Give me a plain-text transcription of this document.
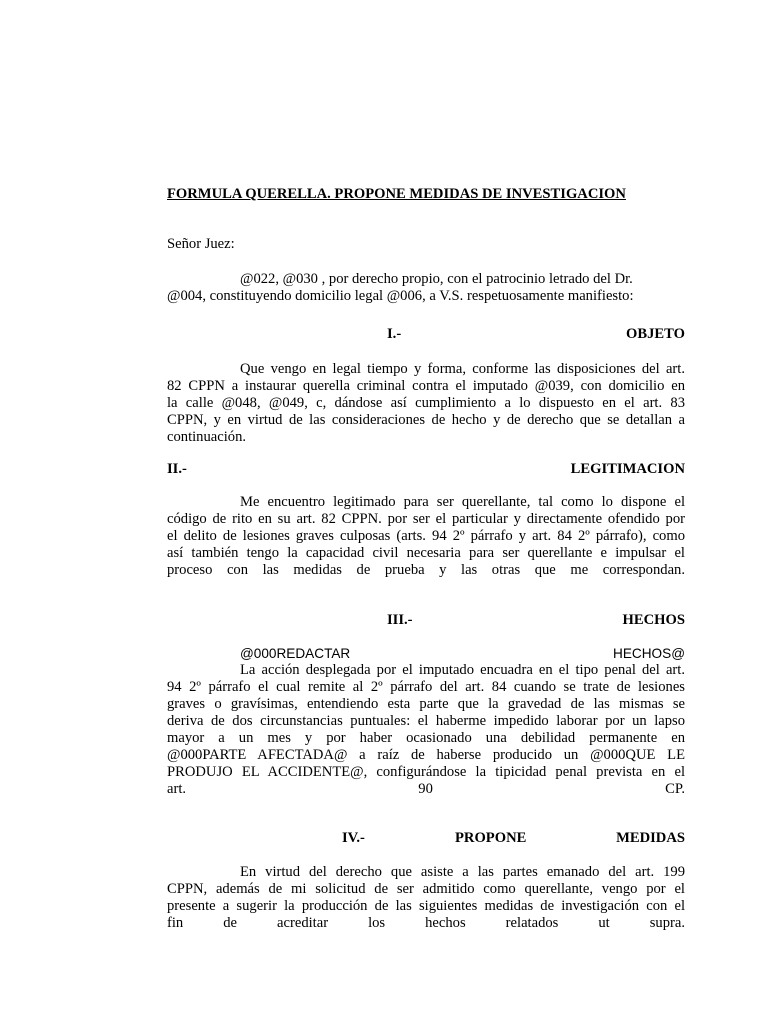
FORMULA QUERELLA. PROPONE MEDIDAS DE INVESTIGACION
Señor Juez:
@022, @030 , por derecho propio, con el patrocinio letrado del Dr.
@004, constituyendo domicilio legal @006, a V.S. respetuosamente manifiesto:
I.-	OBJETO
Que vengo en legal tiempo y forma, conforme las disposiciones del art.
82 CPPN a instaurar querella criminal contra el imputado @039, con domicilio en
la calle @048, @049, c, dándose así cumplimiento a lo dispuesto en el art. 83
CPPN, y en virtud de las consideraciones de hecho y de derecho que se detallan a
continuación.
II.-	LEGITIMACION
Me encuentro legitimado para ser querellante, tal como lo dispone el
código de rito en su art. 82 CPPN. por ser el particular y directamente ofendido por
el delito de lesiones graves culposas (arts. 94 2º párrafo y art. 84 2º párrafo), como
así también tengo la capacidad civil necesaria para ser querellante e impulsar el
proceso con las medidas de prueba y las otras que me correspondan.
III.-	HECHOS
@000REDACTAR	HECHOS@
La acción desplegada por el imputado encuadra en el tipo penal del art.
94 2º párrafo el cual remite al 2º párrafo del art. 84 cuando se trate de lesiones
graves o gravísimas, entendiendo esta parte que la gravedad de las mismas se
deriva de dos circunstancias puntuales: el haberme impedido laborar por un lapso
mayor a un mes y por haber ocasionado una debilidad permanente en
@000PARTE AFECTADA@ a raíz de haberse producido un @000QUE LE
PRODUJO EL ACCIDENTE@, configurándose la tipicidad penal prevista en el
art. 90 CP.
IV.-	PROPONE	MEDIDAS
En virtud del derecho que asiste a las partes emanado del art. 199
CPPN, además de mi solicitud de ser admitido como querellante, vengo por el
presente a sugerir la producción de las siguientes medidas de investigación con el
fin de acreditar los hechos relatados ut supra.
